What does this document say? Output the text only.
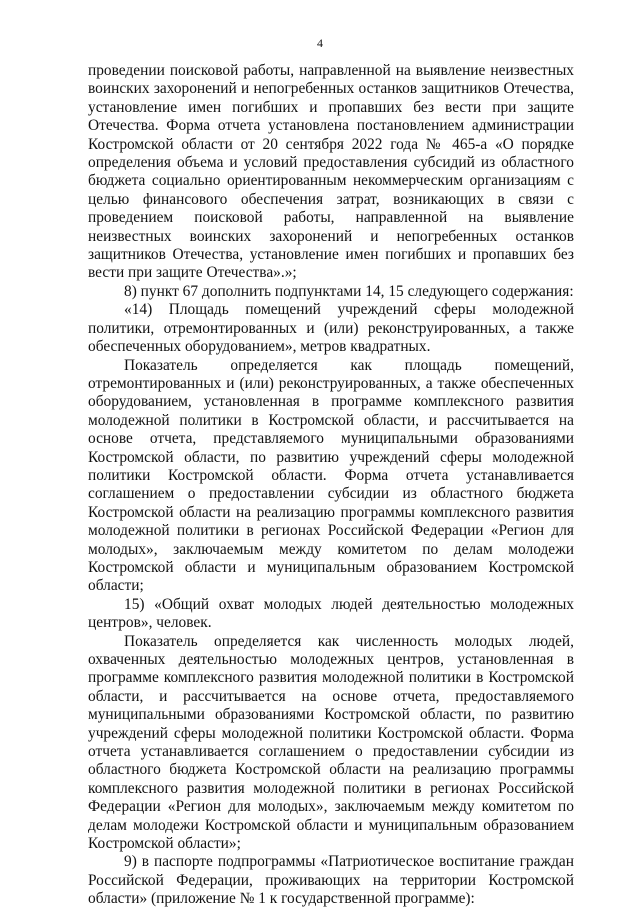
4

проведении поисковой работы, направленной на выявление неизвестных воинских захоронений и непогребенных останков защитников Отечества, установление имен погибших и пропавших без вести при защите Отечества. Форма отчета установлена постановлением администрации Костромской области от 20 сентября 2022 года № 465-а «О порядке определения объема и условий предоставления субсидий из областного бюджета социально ориентированным некоммерческим организациям с целью финансового обеспечения затрат, возникающих в связи с проведением поисковой работы, направленной на выявление неизвестных воинских захоронений и непогребенных останков защитников Отечества, установление имен погибших и пропавших без вести при защите Отечества».»;

8) пункт 67 дополнить подпунктами 14, 15 следующего содержания:

«14) Площадь помещений учреждений сферы молодежной политики, отремонтированных и (или) реконструированных, а также обеспеченных оборудованием», метров квадратных.

Показатель определяется как площадь помещений, отремонтированных и (или) реконструированных, а также обеспеченных оборудованием, установленная в программе комплексного развития молодежной политики в Костромской области, и рассчитывается на основе отчета, представляемого муниципальными образованиями Костромской области, по развитию учреждений сферы молодежной политики Костромской области. Форма отчета устанавливается соглашением о предоставлении субсидии из областного бюджета Костромской области на реализацию программы комплексного развития молодежной политики в регионах Российской Федерации «Регион для молодых», заключаемым между комитетом по делам молодежи Костромской области и муниципальным образованием Костромской области;

15) «Общий охват молодых людей деятельностью молодежных центров», человек.

Показатель определяется как численность молодых людей, охваченных деятельностью молодежных центров, установленная в программе комплексного развития молодежной политики в Костромской области, и рассчитывается на основе отчета, предоставляемого муниципальными образованиями Костромской области, по развитию учреждений сферы молодежной политики Костромской области. Форма отчета устанавливается соглашением о предоставлении субсидии из областного бюджета Костромской области на реализацию программы комплексного развития молодежной политики в регионах Российской Федерации «Регион для молодых», заключаемым между комитетом по делам молодежи Костромской области и муниципальным образованием Костромской области»;

9) в паспорте подпрограммы «Патриотическое воспитание граждан Российской Федерации, проживающих на территории Костромской области» (приложение № 1 к государственной программе):
